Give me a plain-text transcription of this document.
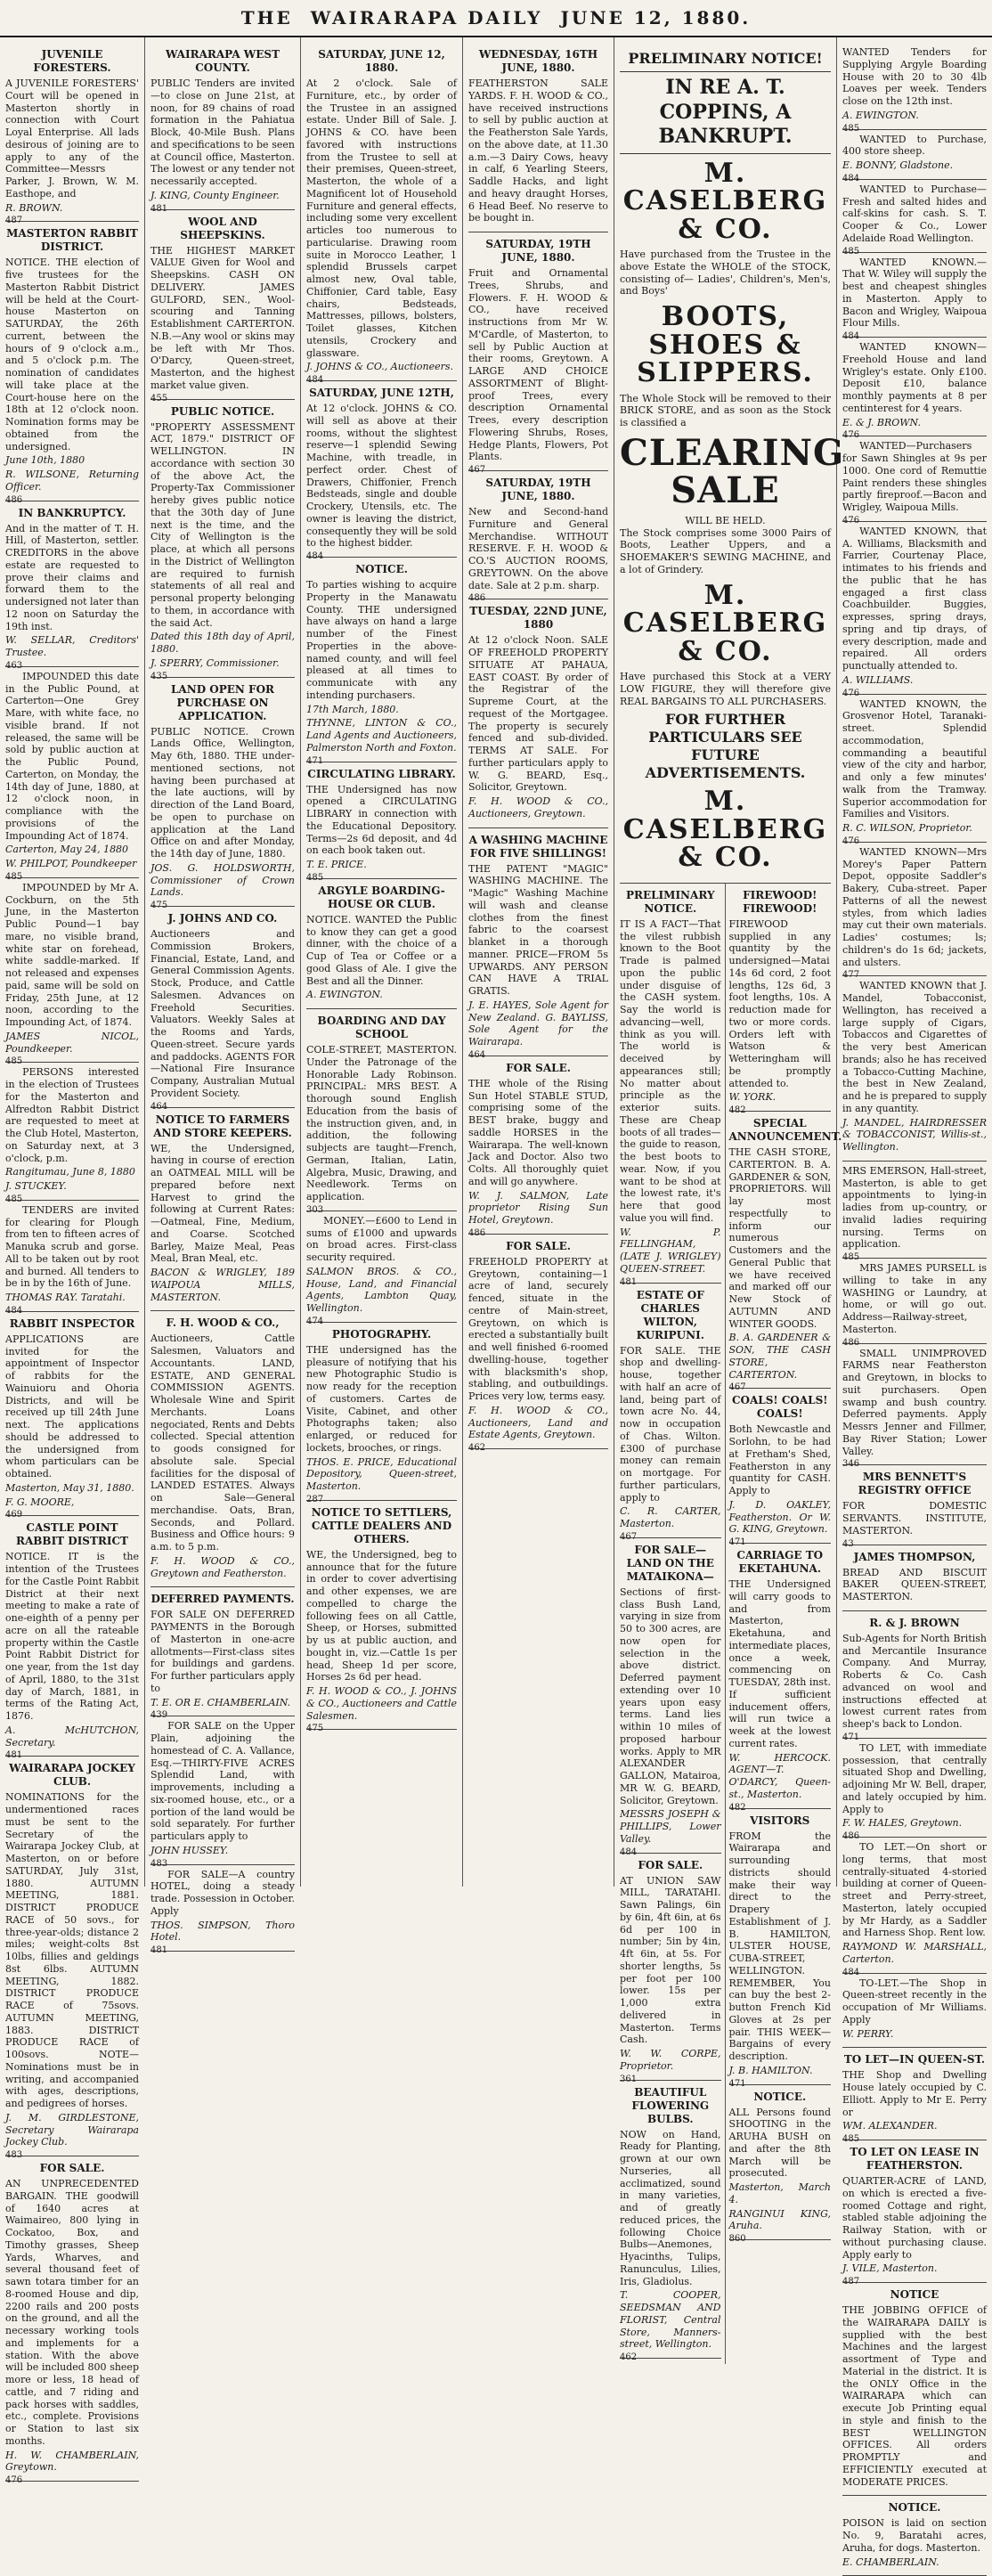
THE WAIRARAPA DAILY JUNE 12, 1880.
JUVENILE FORESTERS.

A JUVENILE FORESTERS' Court will be opened in Masterton shortly in connection with Court Loyal Enterprise. All lads desirous of joining are to apply to any of the Committee—Messrs Parker, J. Brown, W. M. Easthope, and

R. BROWN.

487
MASTERTON RABBIT DISTRICT.

NOTICE. THE election of five trustees for the Masterton Rabbit District will be held at the Court-house Masterton on SATURDAY, the 26th current, between the hours of 9 o'clock a.m., and 5 o'clock p.m. The nomination of candidates will take place at the Court-house here on the 18th at 12 o'clock noon. Nomination forms may be obtained from the undersigned.

June 10th, 1880

R. WILSONE, Returning Officer.

486
IN BANKRUPTCY.

And in the matter of T. H. Hill, of Masterton, settler. CREDITORS in the above estate are requested to prove their claims and forward them to the undersigned not later than 12 noon on Saturday the 19th inst.

W. SELLAR, Creditors' Trustee.

463

IMPOUNDED this date in the Public Pound, at Carterton—One Grey Mare, with white face, no visible brand. If not released, the same will be sold by public auction at the Public Pound, Carterton, on Monday, the 14th day of June, 1880, at 12 o'clock noon, in compliance with the provisions of the Impounding Act of 1874.

Carterton, May 24, 1880

W. PHILPOT, Poundkeeper

485

IMPOUNDED by Mr A. Cockburn, on the 5th June, in the Masterton Public Pound—1 bay mare, no visible brand, white star on forehead, white saddle-marked. If not released and expenses paid, same will be sold on Friday, 25th June, at 12 noon, according to the Impounding Act, of 1874.

JAMES NICOL, Poundkeeper.

485

PERSONS interested in the election of Trustees for the Masterton and Alfredton Rabbit District are requested to meet at the Club Hotel, Masterton, on Saturday next, at 3 o'clock, p.m.

Rangitumau, June 8, 1880

J. STUCKEY.

485

TENDERS are invited for clearing for Plough from ten to fifteen acres of Manuka scrub and gorse. All to be taken out by root and burned. All tenders to be in by the 16th of June.

THOMAS RAY. Taratahi.

484
RABBIT INSPECTOR

APPLICATIONS are invited for the appointment of Inspector of rabbits for the Wainuioru and Ohoria Districts, and will be received up till 24th June next. The applications should be addressed to the undersigned from whom particulars can be obtained.

Masterton, May 31, 1880.

F. G. MOORE,

469
CASTLE POINT RABBIT DISTRICT

NOTICE. IT is the intention of the Trustees for the Castle Point Rabbit District at their next meeting to make a rate of one-eighth of a penny per acre on all the rateable property within the Castle Point Rabbit District for one year, from the 1st day of April, 1880, to the 31st day of March, 1881, in terms of the Rating Act, 1876.

A. McHUTCHON, Secretary.

481
WAIRARAPA JOCKEY CLUB.

NOMINATIONS for the undermentioned races must be sent to the Secretary of the Wairarapa Jockey Club, at Masterton, on or before SATURDAY, July 31st, 1880. AUTUMN MEETING, 1881. DISTRICT PRODUCE RACE of 50 sovs., for three-year-olds; distance 2 miles; weight-colts 8st 10lbs, fillies and geldings 8st 6lbs. AUTUMN MEETING, 1882. DISTRICT PRODUCE RACE of 75sovs. AUTUMN MEETING, 1883. DISTRICT PRODUCE RACE of 100sovs. NOTE—Nominations must be in writing, and accompanied with ages, descriptions, and pedigrees of horses.

J. M. GIRDLESTONE, Secretary Wairarapa Jockey Club.

483
FOR SALE.

AN UNPRECEDENTED BARGAIN. THE goodwill of 1640 acres at Waimaireo, 800 lying in Cockatoo, Box, and Timothy grasses, Sheep Yards, Wharves, and several thousand feet of sawn totara timber for an 8-roomed House and dip, 2200 rails and 200 posts on the ground, and all the necessary working tools and implements for a station. With the above will be included 800 sheep more or less, 18 head of cattle, and 7 riding and pack horses with saddles, etc., complete. Provisions or Station to last six months.

H. W. CHAMBERLAIN, Greytown.

476
WAIRARAPA WEST COUNTY.

PUBLIC Tenders are invited—to close on June 21st, at noon, for 89 chains of road formation in the Pahiatua Block, 40-Mile Bush. Plans and specifications to be seen at Council office, Masterton. The lowest or any tender not necessarily accepted.

J. KING, County Engineer.

481
WOOL AND SHEEPSKINS.

THE HIGHEST MARKET VALUE Given for Wool and Sheepskins. CASH ON DELIVERY. JAMES GULFORD, SEN., Wool-scouring and Tanning Establishment CARTERTON. N.B.—Any wool or skins may be left with Mr Thos. O'Darcy, Queen-street, Masterton, and the highest market value given.

455
PUBLIC NOTICE.

"PROPERTY ASSESSMENT ACT, 1879." DISTRICT OF WELLINGTON. IN accordance with section 30 of the above Act, the Property-Tax Commissioner hereby gives public notice that the 30th day of June next is the time, and the City of Wellington is the place, at which all persons in the District of Wellington are required to furnish statements of all real and personal property belonging to them, in accordance with the said Act.

Dated this 18th day of April, 1880.

J. SPERRY, Commissioner.

435
LAND OPEN FOR PURCHASE ON APPLICATION.

PUBLIC NOTICE. Crown Lands Office, Wellington, May 6th, 1880. THE under-mentioned sections, not having been purchased at the late auctions, will by direction of the Land Board, be open to purchase on application at the Land Office on and after Monday, the 14th day of June, 1880.

JOS. G. HOLDSWORTH, Commissioner of Crown Lands.

475
J. JOHNS AND CO.

Auctioneers and Commission Brokers, Financial, Estate, Land, and General Commission Agents. Stock, Produce, and Cattle Salesmen. Advances on Freehold Securities. Valuators. Weekly Sales at the Rooms and Yards, Queen-street. Secure yards and paddocks. AGENTS FOR—National Fire Insurance Company, Australian Mutual Provident Society.

464
NOTICE TO FARMERS AND STORE KEEPERS.

WE, the Undersigned, having in course of erection an OATMEAL MILL will be prepared before next Harvest to grind the following at Current Rates:—Oatmeal, Fine, Medium, and Coarse. Scotched Barley, Maize Meal, Peas Meal, Bran Meal, etc.

BACON & WRIGLEY, 189 WAIPOUA MILLS, MASTERTON.

F. H. WOOD & CO.,

Auctioneers, Cattle Salesmen, Valuators and Accountants. LAND, ESTATE, AND GENERAL COMMISSION AGENTS. Wholesale Wine and Spirit Merchants. Loans negociated, Rents and Debts collected. Special attention to goods consigned for absolute sale. Special facilities for the disposal of LANDED ESTATES. Always on Sale—General merchandise. Oats, Bran, Seconds, and Pollard. Business and Office hours: 9 a.m. to 5 p.m.

F. H. WOOD & CO., Greytown and Featherston.

DEFERRED PAYMENTS.

FOR SALE ON DEFERRED PAYMENTS in the Borough of Masterton in one-acre allotments—First-class sites for buildings and gardens. For further particulars apply to

T. E. OR E. CHAMBERLAIN.

439

FOR SALE on the Upper Plain, adjoining the homestead of C. A. Vallance, Esq.—THIRTY-FIVE ACRES Splendid Land, with improvements, including a six-roomed house, etc., or a portion of the land would be sold separately. For further particulars apply to

JOHN HUSSEY.

483

FOR SALE—A country HOTEL, doing a steady trade. Possession in October. Apply

THOS. SIMPSON, Thoro Hotel.

481
SATURDAY, JUNE 12, 1880.

At 2 o'clock. Sale of Furniture, etc., by order of the Trustee in an assigned estate. Under Bill of Sale. J. JOHNS & CO. have been favored with instructions from the Trustee to sell at their premises, Queen-street, Masterton, the whole of a Magnificent lot of Household Furniture and general effects, including some very excellent articles too numerous to particularise. Drawing room suite in Morocco Leather, 1 splendid Brussels carpet almost new, Oval table, Chiffonier, Card table, Easy chairs, Bedsteads, Mattresses, pillows, bolsters, Toilet glasses, Kitchen utensils, Crockery and glassware.

J. JOHNS & CO., Auctioneers.

484
SATURDAY, JUNE 12TH,

At 12 o'clock. JOHNS & CO. will sell as above at their rooms, without the slightest reserve—1 splendid Sewing Machine, with treadle, in perfect order. Chest of Drawers, Chiffonier, French Bedsteads, single and double Crockery, Utensils, etc. The owner is leaving the district, consequently they will be sold to the highest bidder.

484
NOTICE.

To parties wishing to acquire Property in the Manawatu County. THE undersigned have always on hand a large number of the Finest Properties in the above-named county, and will feel pleased at all times to communicate with any intending purchasers.

17th March, 1880.

THYNNE, LINTON & CO., Land Agents and Auctioneers, Palmerston North and Foxton.

471
CIRCULATING LIBRARY.

THE Undersigned has now opened a CIRCULATING LIBRARY in connection with the Educational Depository. Terms—2s 6d deposit, and 4d on each book taken out.

T. E. PRICE.

485
ARGYLE BOARDING-HOUSE OR CLUB.

NOTICE. WANTED the Public to know they can get a good dinner, with the choice of a Cup of Tea or Coffee or a good Glass of Ale. I give the Best and all the Dinner.

A. EWINGTON.

BOARDING AND DAY SCHOOL

COLE-STREET, MASTERTON. Under the Patronage of the Honorable Lady Robinson. PRINCIPAL: MRS BEST. A thorough sound English Education from the basis of the instruction given, and, in addition, the following subjects are taught—French, German, Italian, Latin, Algebra, Music, Drawing, and Needlework. Terms on application.

303

MONEY.—£600 to Lend in sums of £1000 and upwards on broad acres. First-class security required.

SALMON BROS. & CO., House, Land, and Financial Agents, Lambton Quay, Wellington.

474
PHOTOGRAPHY.

THE undersigned has the pleasure of notifying that his new Photographic Studio is now ready for the reception of customers. Cartes de Visite, Cabinet, and other Photographs taken; also enlarged, or reduced for lockets, brooches, or rings.

THOS. E. PRICE, Educational Depository, Queen-street, Masterton.

287
NOTICE TO SETTLERS, CATTLE DEALERS AND OTHERS.

WE, the Undersigned, beg to announce that for the future in order to cover advertising and other expenses, we are compelled to charge the following fees on all Cattle, Sheep, or Horses, submitted by us at public auction, and bought in, viz.—Cattle 1s per head, Sheep 1d per score, Horses 2s 6d per head.

F. H. WOOD & CO., J. JOHNS & CO., Auctioneers and Cattle Salesmen.

475
WEDNESDAY, 16TH JUNE, 1880.

FEATHERSTON SALE YARDS. F. H. WOOD & CO., have received instructions to sell by public auction at the Featherston Sale Yards, on the above date, at 11.30 a.m.—3 Dairy Cows, heavy in calf, 6 Yearling Steers, Saddle Hacks, and light and heavy draught Horses, 6 Head Beef. No reserve to be bought in.

SATURDAY, 19TH JUNE, 1880.

Fruit and Ornamental Trees, Shrubs, and Flowers. F. H. WOOD & CO., have received instructions from Mr W. M'Cardle, of Masterton, to sell by Public Auction at their rooms, Greytown. A LARGE AND CHOICE ASSORTMENT of Blight-proof Trees, every description Ornamental Trees, every description Flowering Shrubs, Roses, Hedge Plants, Flowers, Pot Plants.

467
SATURDAY, 19TH JUNE, 1880.

New and Second-hand Furniture and General Merchandise. WITHOUT RESERVE. F. H. WOOD & CO.'S AUCTION ROOMS, GREYTOWN. On the above date. Sale at 2 p.m. sharp.

486
TUESDAY, 22ND JUNE, 1880

At 12 o'clock Noon. SALE OF FREEHOLD PROPERTY SITUATE AT PAHAUA, EAST COAST. By order of the Registrar of the Supreme Court, at the request of the Mortgagee. The property is securely fenced and sub-divided. TERMS AT SALE. For further particulars apply to W. G. BEARD, Esq., Solicitor, Greytown.

F. H. WOOD & CO., Auctioneers, Greytown.

A WASHING MACHINE FOR FIVE SHILLINGS!

THE PATENT "MAGIC" WASHING MACHINE. The "Magic" Washing Machine will wash and cleanse clothes from the finest fabric to the coarsest blanket in a thorough manner. PRICE—FROM 5s UPWARDS. ANY PERSON CAN HAVE A TRIAL GRATIS.

J. E. HAYES, Sole Agent for New Zealand. G. BAYLISS, Sole Agent for the Wairarapa.

464
FOR SALE.

THE whole of the Rising Sun Hotel STABLE STUD, comprising some of the BEST brake, buggy and saddle HORSES in the Wairarapa. The well-known Jack and Doctor. Also two Colts. All thoroughly quiet and will go anywhere.

W. J. SALMON, Late proprietor Rising Sun Hotel, Greytown.

486
FOR SALE.

FREEHOLD PROPERTY at Greytown, containing—1 acre of land, securely fenced, situate in the centre of Main-street, Greytown, on which is erected a substantially built and well finished 6-roomed dwelling-house, together with blacksmith's shop, stabling, and outbuildings. Prices very low, terms easy.

F. H. WOOD & CO., Auctioneers, Land and Estate Agents, Greytown.

462
PRELIMINARY NOTICE!
IN RE A. T. COPPINS, A BANKRUPT.
M. CASELBERG & CO.

Have purchased from the Trustee in the above Estate the WHOLE of the STOCK, consisting of— Ladies', Children's, Men's, and Boys'

BOOTS, SHOES & SLIPPERS.

The Whole Stock will be removed to their BRICK STORE, and as soon as the Stock is classified a

CLEARING SALE
WILL BE HELD.

The Stock comprises some 3000 Pairs of Boots, Leather Uppers, and a SHOEMAKER'S SEWING MACHINE, and a lot of Grindery.

M. CASELBERG & CO.

Have purchased this Stock at a VERY LOW FIGURE, they will therefore give REAL BARGAINS TO ALL PURCHASERS.

FOR FURTHER PARTICULARS SEE FUTURE ADVERTISEMENTS.
M. CASELBERG & CO.
PRELIMINARY NOTICE.

IT IS A FACT—That the vilest rubbish known to the Boot Trade is palmed upon the public under disguise of the CASH system. Say the world is advancing—well, think as you will. The world is deceived by appearances still; No matter about principle as the exterior suits. These are Cheap boots of all trades—the guide to reason, the best boots to wear. Now, if you want to be shod at the lowest rate, it's here that good value you will find.

W. P. FELLINGHAM, (LATE J. WRIGLEY) QUEEN-STREET.

481
ESTATE OF CHARLES WILTON, KURIPUNI.

FOR SALE. THE shop and dwelling-house, together with half an acre of land, being part of town acre No. 44, now in occupation of Chas. Wilton. £300 of purchase money can remain on mortgage. For further particulars, apply to

C. R. CARTER, Masterton.

467
FOR SALE—LAND ON THE MATAIKONA—

Sections of first-class Bush Land, varying in size from 50 to 300 acres, are now open for selection in the above district. Deferred payment extending over 10 years upon easy terms. Land lies within 10 miles of proposed harbour works. Apply to MR ALEXANDER GALLON, Matairoa, MR W. G. BEARD, Solicitor, Greytown.

MESSRS JOSEPH & PHILLIPS, Lower Valley.

484
FOR SALE.

AT UNION SAW MILL, TARATAHI. Sawn Palings, 6in by 6in, 4ft 6in, at 6s 6d per 100 in number; 5in by 4in, 4ft 6in, at 5s. For shorter lengths, 5s per foot per 100 lower. 15s per 1,000 extra delivered in Masterton. Terms Cash.

W. W. CORPE, Proprietor.

361
BEAUTIFUL FLOWERING BULBS.

NOW on Hand, Ready for Planting, grown at our own Nurseries, all acclimatized, sound in many varieties, and of greatly reduced prices, the following Choice Bulbs—Anemones, Hyacinths, Tulips, Ranunculus, Lilies, Iris, Gladiolus.

T. COOPER, SEEDSMAN AND FLORIST, Central Store, Manners-street, Wellington.

462
FIREWOOD! FIREWOOD!

FIREWOOD supplied in any quantity by the undersigned—Matai 14s 6d cord, 2 foot lengths, 12s 6d, 3 foot lengths, 10s. A reduction made for two or more cords. Orders left with Watson & Wetteringham will be promptly attended to.

W. YORK.

482
SPECIAL ANNOUNCEMENT.

THE CASH STORE, CARTERTON. B. A. GARDENER & SON, PROPRIETORS. Will lay most respectfully to inform our numerous Customers and the General Public that we have received and marked off our New Stock of AUTUMN AND WINTER GOODS.

B. A. GARDENER & SON, THE CASH STORE, CARTERTON.

467
COALS! COALS! COALS!

Both Newcastle and Sorlohn, to be had at Fretham's Shed, Featherston in any quantity for CASH. Apply to

J. D. OAKLEY, Featherston. Or W. G. KING, Greytown.

471
CARRIAGE TO EKETAHUNA.

THE Undersigned will carry goods to and from Masterton, Eketahuna, and intermediate places, once a week, commencing on TUESDAY, 28th inst. If sufficient inducement offers, will run twice a week at the lowest current rates.

W. HERCOCK. AGENT—T. O'DARCY, Queen-st., Masterton.

482
VISITORS

FROM the Wairarapa and surrounding districts should make their way direct to the Drapery Establishment of J. B. HAMILTON, ULSTER HOUSE, CUBA-STREET, WELLINGTON. REMEMBER, You can buy the best 2-button French Kid Gloves at 2s per pair. THIS WEEK—Bargains of every description.

J. B. HAMILTON.

471
NOTICE.

ALL Persons found SHOOTING in the ARUHA BUSH on and after the 8th March will be prosecuted.

Masterton, March 4.

RANGINUI KING, Aruha.

860

WANTED Tenders for Supplying Argyle Boarding House with 20 to 30 4lb Loaves per week. Tenders close on the 12th inst.

A. EWINGTON.

485

WANTED to Purchase, 400 store sheep.

E. BONNY, Gladstone.

484

WANTED to Purchase—Fresh and salted hides and calf-skins for cash. S. T. Cooper & Co., Lower Adelaide Road Wellington.

485

WANTED KNOWN.—That W. Wiley will supply the best and cheapest shingles in Masterton. Apply to Bacon and Wrigley, Waipoua Flour Mills.

484

WANTED KNOWN—Freehold House and land Wrigley's estate. Only £100. Deposit £10, balance monthly payments at 8 per centinterest for 4 years.

E. & J. BROWN.

476

WANTED—Purchasers for Sawn Shingles at 9s per 1000. One cord of Remuttie Paint renders these shingles partly fireproof.—Bacon and Wrigley, Waipoua Mills.

476

WANTED KNOWN, that A. Williams, Blacksmith and Farrier, Courtenay Place, intimates to his friends and the public that he has engaged a first class Coachbuilder. Buggies, expresses, spring drays, spring and tip drays, of every description, made and repaired. All orders punctually attended to.

A. WILLIAMS.

476

WANTED KNOWN, the Grosvenor Hotel, Taranaki-street. Splendid accommodation, commanding a beautiful view of the city and harbor, and only a few minutes' walk from the Tramway. Superior accommodation for Families and Visitors.

R. C. WILSON, Proprietor.

476

WANTED KNOWN—Mrs Morey's Paper Pattern Depot, opposite Saddler's Bakery, Cuba-street. Paper Patterns of all the newest styles, from which ladies may cut their own materials. Ladies' costumes; ls; children's do 1s 6d; jackets, and ulsters.

477

WANTED KNOWN that J. Mandel, Tobacconist, Wellington, has received a large supply of Cigars, Tobaccos and Cigarettes of the very best American brands; also he has received a Tobacco-Cutting Machine, the best in New Zealand, and he is prepared to supply in any quantity.

J. MANDEL, HAIRDRESSER & TOBACCONIST, Willis-st., Wellington.

MRS EMERSON, Hall-street, Masterton, is able to get appointments to lying-in ladies from up-country, or invalid ladies requiring nursing. Terms on application.

485

MRS JAMES PURSELL is willing to take in any WASHING or Laundry, at home, or will go out. Address—Railway-street, Masterton.

486

SMALL UNIMPROVED FARMS near Featherston and Greytown, in blocks to suit purchasers. Open swamp and bush country. Deferred payments. Apply Messrs Jenner and Fillmer, Bay River Station; Lower Valley.

346
MRS BENNETT'S REGISTRY OFFICE

FOR DOMESTIC SERVANTS. INSTITUTE, MASTERTON.

43
JAMES THOMPSON,

BREAD AND BISCUIT BAKER QUEEN-STREET, MASTERTON.

R. & J. BROWN

Sub-Agents for North British and Mercantile Insurance Company. And Murray, Roberts & Co. Cash advanced on wool and instructions effected at lowest current rates from sheep's back to London.

471

TO LET, with immediate possession, that centrally situated Shop and Dwelling, adjoining Mr W. Bell, draper, and lately occupied by him. Apply to

F. W. HALES, Greytown.

486

TO LET.—On short or long terms, that most centrally-situated 4-storied building at corner of Queen-street and Perry-street, Masterton, lately occupied by Mr Hardy, as a Saddler and Harness Shop. Rent low.

RAYMOND W. MARSHALL, Carterton.

484

TO-LET.—The Shop in Queen-street recently in the occupation of Mr Williams. Apply

W. PERRY.

TO LET—IN QUEEN-ST.

THE Shop and Dwelling House lately occupied by C. Elliott. Apply to Mr E. Perry or

WM. ALEXANDER.

485
TO LET ON LEASE IN FEATHERSTON.

QUARTER-ACRE of LAND, on which is erected a five-roomed Cottage and right, stabled stable adjoining the Railway Station, with or without purchasing clause. Apply early to

J. VILE, Masterton.

487
NOTICE

THE JOBBING OFFICE of the WAIRARAPA DAILY is supplied with the best Machines and the largest assortment of Type and Material in the district. It is the ONLY Office in the WAIRARAPA which can execute Job Printing equal in style and finish to the BEST WELLINGTON OFFICES. All orders PROMPTLY and EFFICIENTLY executed at MODERATE PRICES.

NOTICE.

POISON is laid on section No. 9, Baratahi acres, Aruha, for dogs. Masterton.

E. CHAMBERLAIN.
